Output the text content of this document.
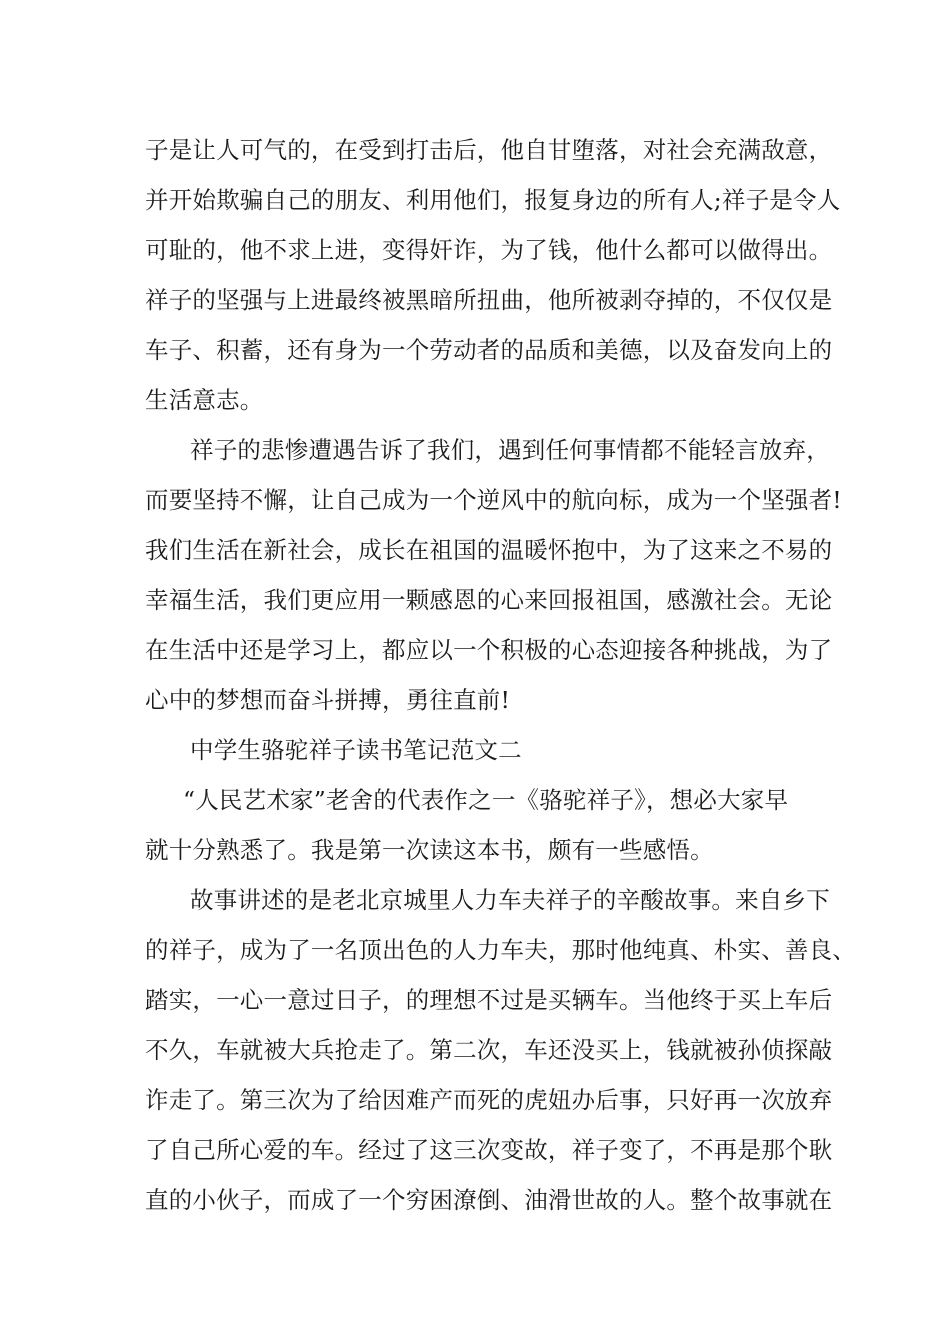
子是让人可气的，在受到打击后，他自甘堕落，对社会充满敌意，
并开始欺骗自己的朋友、利用他们，报复身边的所有人;祥子是令人
可耻的，他不求上进，变得奸诈，为了钱，他什么都可以做得出。
祥子的坚强与上进最终被黑暗所扭曲，他所被剥夺掉的，不仅仅是
车子、积蓄，还有身为一个劳动者的品质和美德，以及奋发向上的
生活意志。
祥子的悲惨遭遇告诉了我们，遇到任何事情都不能轻言放弃，
而要坚持不懈，让自己成为一个逆风中的航向标，成为一个坚强者!
我们生活在新社会，成长在祖国的温暖怀抱中，为了这来之不易的
幸福生活，我们更应用一颗感恩的心来回报祖国，感激社会。无论
在生活中还是学习上，都应以一个积极的心态迎接各种挑战，为了
心中的梦想而奋斗拼搏，勇往直前!
中学生骆驼祥子读书笔记范文二
“人民艺术家”老舍的代表作之一《骆驼祥子》，想必大家早
就十分熟悉了。我是第一次读这本书，颇有一些感悟。
故事讲述的是老北京城里人力车夫祥子的辛酸故事。来自乡下
的祥子，成为了一名顶出色的人力车夫，那时他纯真、朴实、善良、
踏实，一心一意过日子，的理想不过是买辆车。当他终于买上车后
不久，车就被大兵抢走了。第二次，车还没买上，钱就被孙侦探敲
诈走了。第三次为了给因难产而死的虎妞办后事，只好再一次放弃
了自己所心爱的车。经过了这三次变故，祥子变了，不再是那个耿
直的小伙子，而成了一个穷困潦倒、油滑世故的人。整个故事就在
